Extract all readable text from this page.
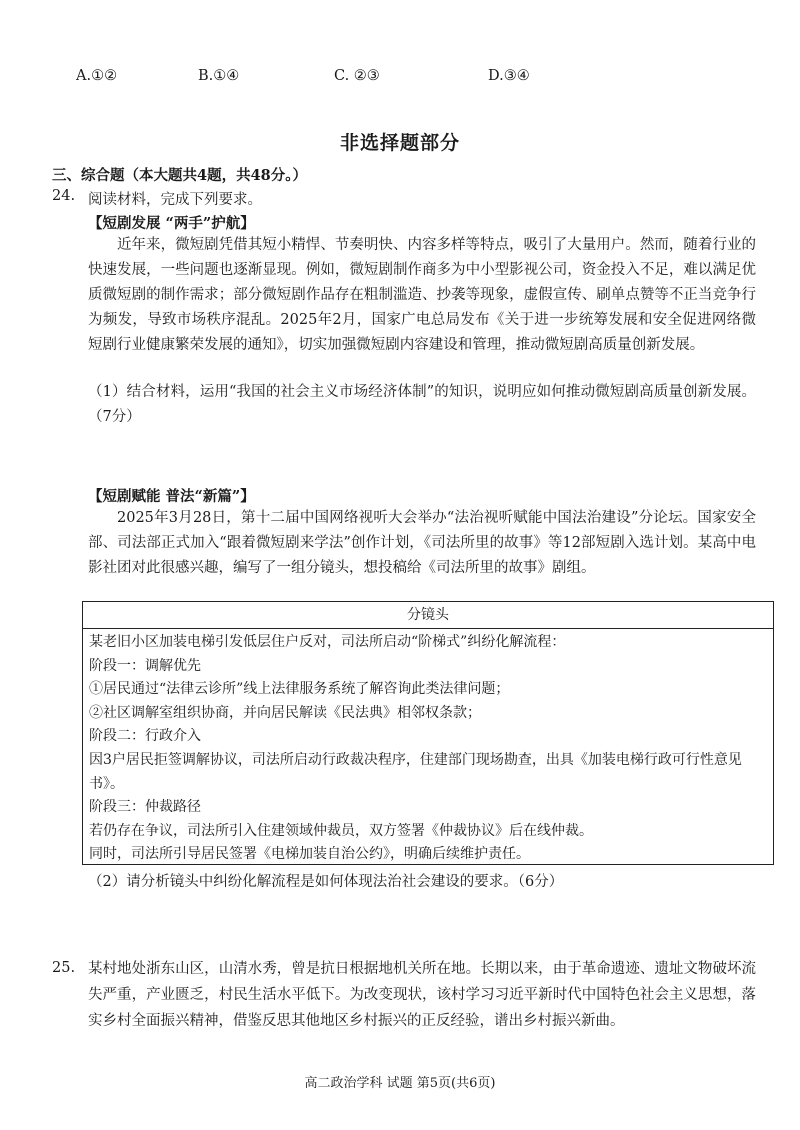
A.①②	B.①④	C. ②③	D.③④
非选择题部分
三、综合题（本大题共4题，共48分。）
24. 阅读材料，完成下列要求。
【短剧发展 “两手”护航】
近年来，微短剧凭借其短小精悍、节奏明快、内容多样等特点，吸引了大量用户。然而，随着行业的快速发展，一些问题也逐渐显现。例如，微短剧制作商多为中小型影视公司，资金投入不足，难以满足优质微短剧的制作需求；部分微短剧作品存在粗制滥造、抄袭等现象，虚假宣传、刷单点赞等不正当竞争行为频发，导致市场秩序混乱。2025年2月，国家广电总局发布《关于进一步统筹发展和安全促进网络微短剧行业健康繁荣发展的通知》，切实加强微短剧内容建设和管理，推动微短剧高质量创新发展。
（1）结合材料，运用“我国的社会主义市场经济体制”的知识，说明应如何推动微短剧高质量创新发展。（7分）
【短剧赋能 普法“新篇”】
2025年3月28日，第十二届中国网络视听大会举办“法治视听赋能中国法治建设”分论坛。国家安全部、司法部正式加入“跟着微短剧来学法”创作计划，《司法所里的故事》等12部短剧入选计划。某高中电影社团对此很感兴趣，编写了一组分镜头，想投稿给《司法所里的故事》剧组。
分镜头
某老旧小区加装电梯引发低层住户反对，司法所启动“阶梯式”纠纷化解流程：
阶段一：调解优先
①居民通过“法律云诊所”线上法律服务系统了解咨询此类法律问题；
②社区调解室组织协商，并向居民解读《民法典》相邻权条款；
阶段二：行政介入
因3户居民拒签调解协议，司法所启动行政裁决程序，住建部门现场勘查，出具《加装电梯行政可行性意见书》。
阶段三：仲裁路径
若仍存在争议，司法所引入住建领域仲裁员，双方签署《仲裁协议》后在线仲裁。
同时，司法所引导居民签署《电梯加装自治公约》，明确后续维护责任。
（2）请分析镜头中纠纷化解流程是如何体现法治社会建设的要求。（6分）
25. 某村地处浙东山区，山清水秀，曾是抗日根据地机关所在地。长期以来，由于革命遗迹、遗址文物破坏流失严重，产业匮乏，村民生活水平低下。为改变现状，该村学习习近平新时代中国特色社会主义思想，落实乡村全面振兴精神，借鉴反思其他地区乡村振兴的正反经验，谱出乡村振兴新曲。
高二政治学科 试题 第5页(共6页)
